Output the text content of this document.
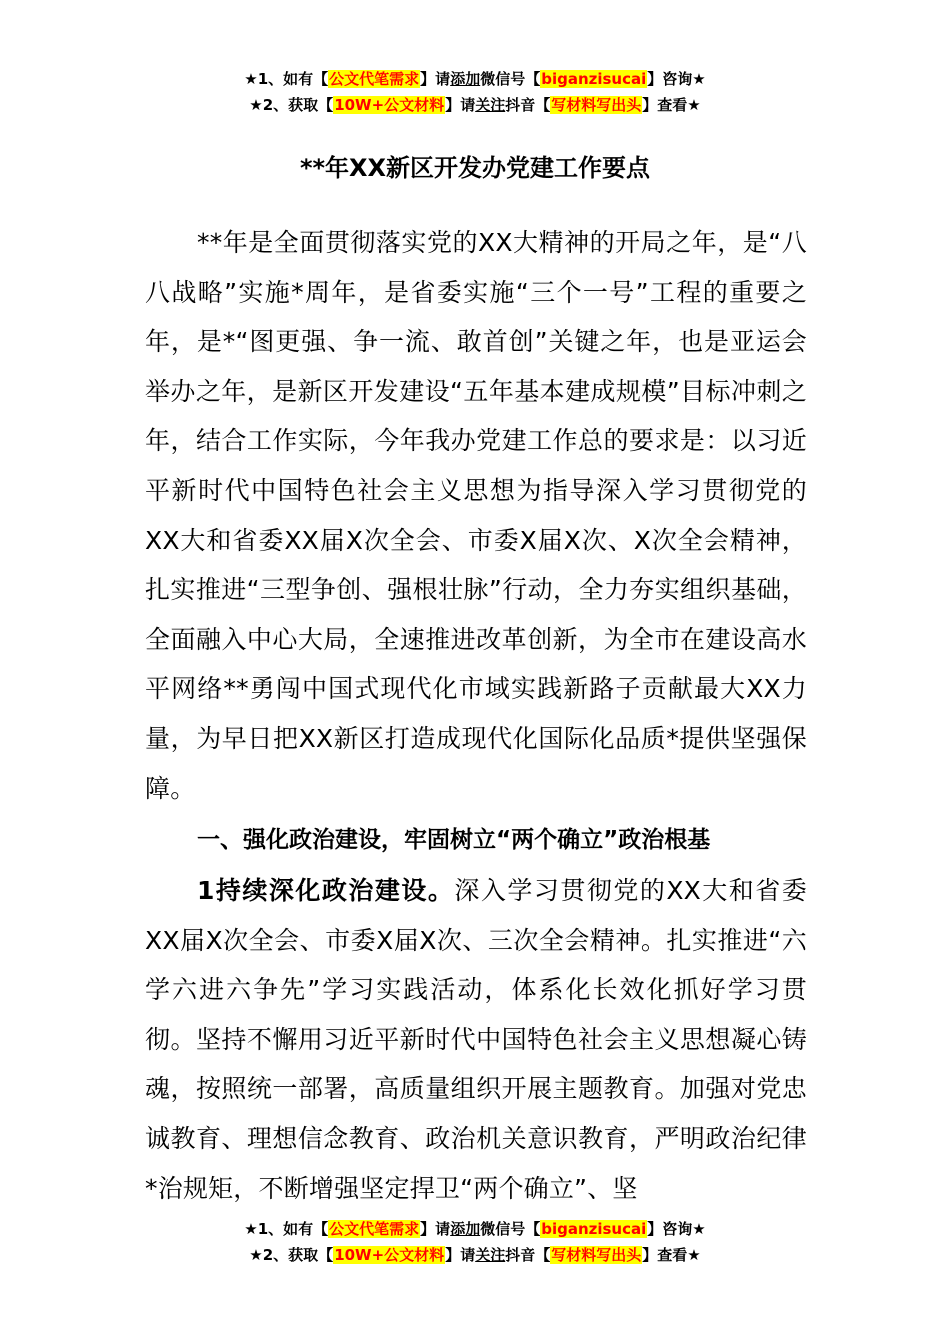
★1、如有【公文代笔需求】请添加微信号【biganzisucai】咨询★
★2、获取【10W+公文材料】请关注抖音【写材料写出头】查看★
**年XX新区开发办党建工作要点

**年是全面贯彻落实党的XX大精神的开局之年，是“八八战略”实施*周年，是省委实施“三个一号”工程的重要之年，是*“图更强、争一流、敢首创”关键之年，也是亚运会举办之年，是新区开发建设“五年基本建成规模”目标冲刺之年，结合工作实际，今年我办党建工作总的要求是：以习近平新时代中国特色社会主义思想为指导深入学习贯彻党的XX大和省委XX届X次全会、市委X届X次、X次全会精神，扎实推进“三型争创、强根壮脉”行动，全力夯实组织基础，全面融入中心大局，全速推进改革创新，为全市在建设高水平网络**勇闯中国式现代化市域实践新路子贡献最大XX力量，为早日把XX新区打造成现代化国际化品质*提供坚强保障。

一、强化政治建设，牢固树立“两个确立”政治根基

1持续深化政治建设。深入学习贯彻党的XX大和省委XX届X次全会、市委X届X次、三次全会精神。扎实推进“六学六进六争先”学习实践活动，体系化长效化抓好学习贯彻。坚持不懈用习近平新时代中国特色社会主义思想凝心铸魂，按照统一部署，高质量组织开展主题教育。加强对党忠诚教育、理想信念教育、政治机关意识教育，严明政治纪律*治规矩，不断增强坚定捍卫“两个确立”、坚

★1、如有【公文代笔需求】请添加微信号【biganzisucai】咨询★
★2、获取【10W+公文材料】请关注抖音【写材料写出头】查看★
